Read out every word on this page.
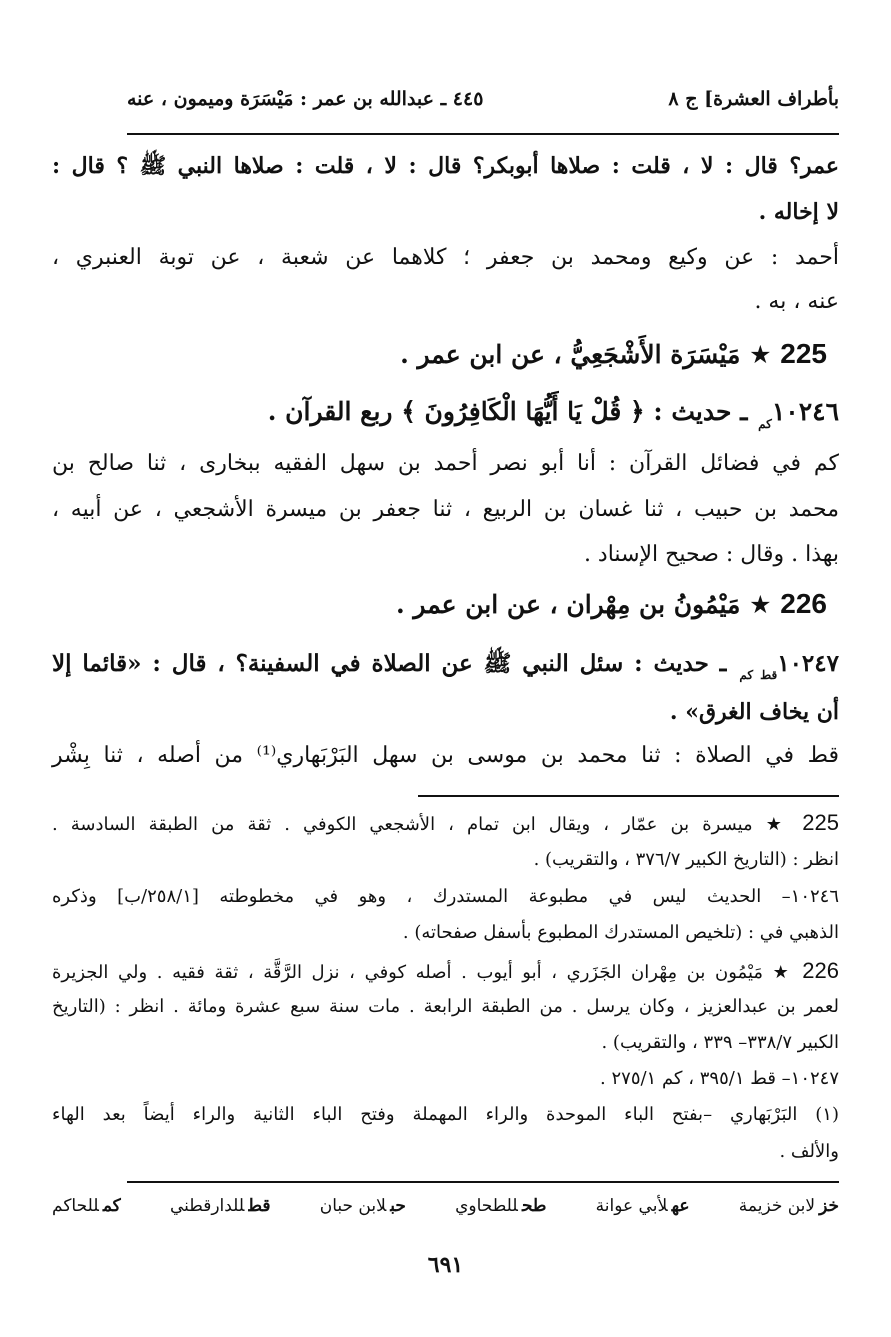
بأطراف العشرة] ج ٨
٤٤٥ ـ عبدالله بن عمر : مَيْسَرَة وميمون ، عنه
عمر؟ قال : لا ، قلت : صلاها أبوبكر؟ قال : لا ، قلت : صلاها النبي ﷺ ؟ قال :
لا إخاله .
أحمد : عن وكيع ومحمد بن جعفر ؛ كلاهما عن شعبة ، عن توبة العنبري ،
عنه ، به .
225 ★ مَيْسَرَة الأَشْجَعِيُّ ، عن ابن عمر .
$١٠٢٤٦_{كم}$ ـ حديث : ﴿ قُلْ يَا أَيُّهَا الْكَافِرُونَ ﴾ ربع القرآن .
كم في فضائل القرآن : أنا أبو نصر أحمد بن سهل الفقيه ببخارى ، ثنا صالح بن
محمد بن حبيب ، ثنا غسان بن الربيع ، ثنا جعفر بن ميسرة الأشجعي ، عن أبيه ،
بهذا . وقال : صحيح الإسناد .
226 ★ مَيْمُونُ بن مِهْران ، عن ابن عمر .
$١٠٢٤٧_{قط كم}$ ـ حديث : سئل النبي ﷺ عن الصلاة في السفينة؟ ، قال : «قائما إلا
أن يخاف الغرق» .
قط في الصلاة : ثنا محمد بن موسى بن سهل البَرْبَهاري⁽¹⁾ من أصله ، ثنا بِشْر
225 ★ ميسرة بن عمّار ، ويقال ابن تمام ، الأشجعي الكوفي . ثقة من الطبقة السادسة .
انظر : (التاريخ الكبير ٣٧٦/٧ ، والتقريب) .
١٠٢٤٦– الحديث ليس في مطبوعة المستدرك ، وهو في مخطوطته [٢٥٨/١/ب] وذكره
الذهبي في : (تلخيص المستدرك المطبوع بأسفل صفحاته) .
226 ★ مَيْمُون بن مِهْران الجَزَري ، أبو أيوب . أصله كوفي ، نزل الرَّقَّة ، ثقة فقيه . ولي الجزيرة
لعمر بن عبدالعزيز ، وكان يرسل . من الطبقة الرابعة . مات سنة سبع عشرة ومائة . انظر : (التاريخ
الكبير ٣٣٨/٧– ٣٣٩ ، والتقريب) .
١٠٢٤٧– قط ٣٩٥/١ ، كم ٢٧٥/١ .
(١) البَرْبَهاري –بفتح الباء الموحدة والراء المهملة وفتح الباء الثانية والراء أيضاً بعد الهاء
والألف .
خزلابن خزيمة
عهلأبي عوانة
طحللطحاوي
حبلابن حبان
قطللدارقطني
كمللحاكم
٦٩١
